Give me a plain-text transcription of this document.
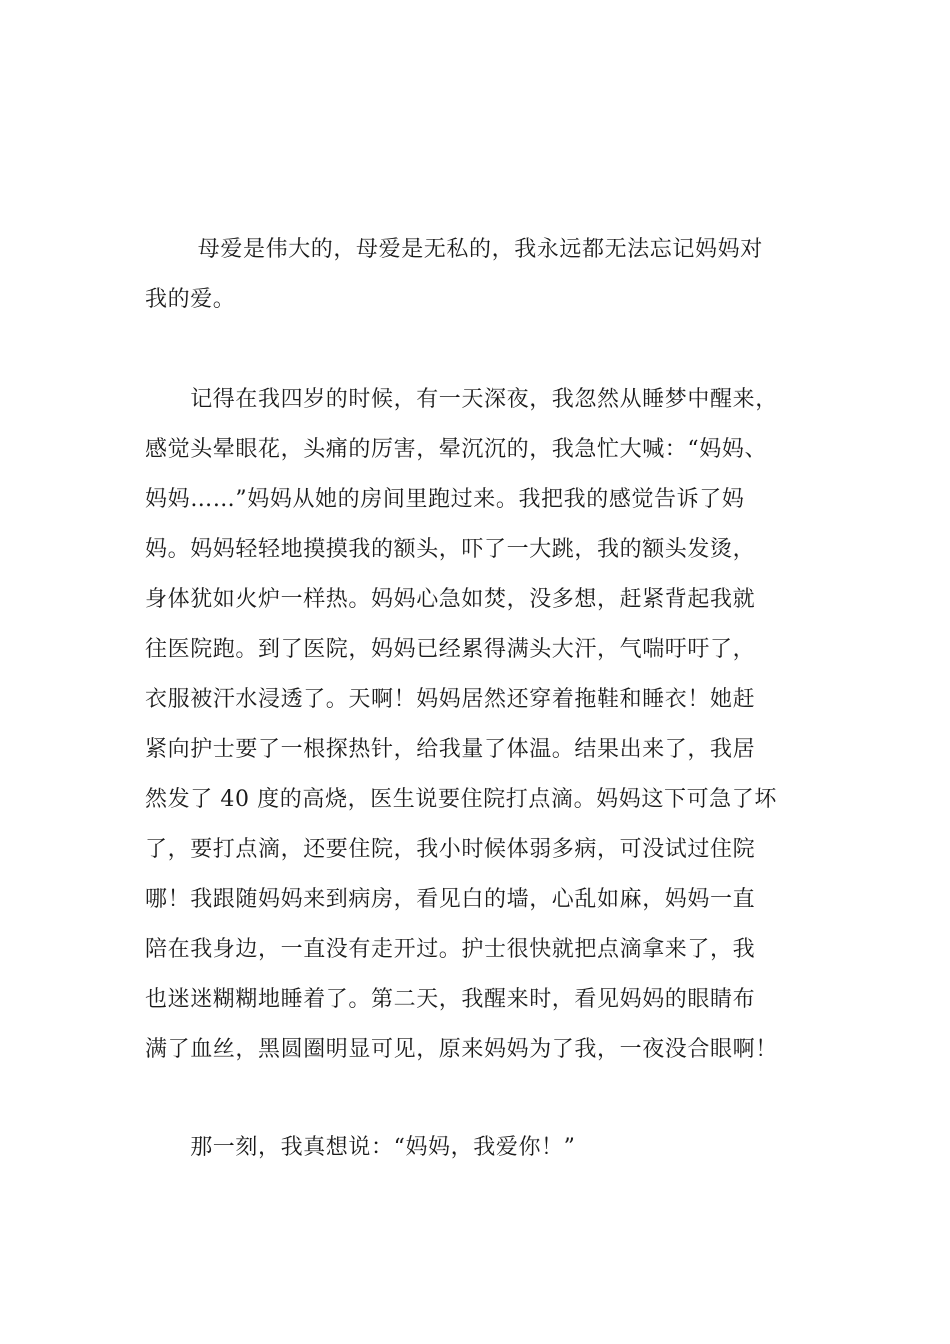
　　 母爱是伟大的，母爱是无私的，我永远都无法忘记妈妈对
我的爱。
　　记得在我四岁的时候，有一天深夜，我忽然从睡梦中醒来，
感觉头晕眼花，头痛的厉害，晕沉沉的，我急忙大喊：“妈妈、
妈妈……”妈妈从她的房间里跑过来。我把我的感觉告诉了妈
妈。妈妈轻轻地摸摸我的额头，吓了一大跳，我的额头发烫，
身体犹如火炉一样热。妈妈心急如焚，没多想，赶紧背起我就
往医院跑。到了医院，妈妈已经累得满头大汗，气喘吁吁了，
衣服被汗水浸透了。天啊！妈妈居然还穿着拖鞋和睡衣！她赶
紧向护士要了一根探热针，给我量了体温。结果出来了，我居
然发了 40 度的高烧，医生说要住院打点滴。妈妈这下可急了坏
了，要打点滴，还要住院，我小时候体弱多病，可没试过住院
哪！我跟随妈妈来到病房，看见白的墙，心乱如麻，妈妈一直
陪在我身边，一直没有走开过。护士很快就把点滴拿来了，我
也迷迷糊糊地睡着了。第二天，我醒来时，看见妈妈的眼睛布
满了血丝，黑圆圈明显可见，原来妈妈为了我，一夜没合眼啊！
　　那一刻，我真想说：“妈妈，我爱你！”
